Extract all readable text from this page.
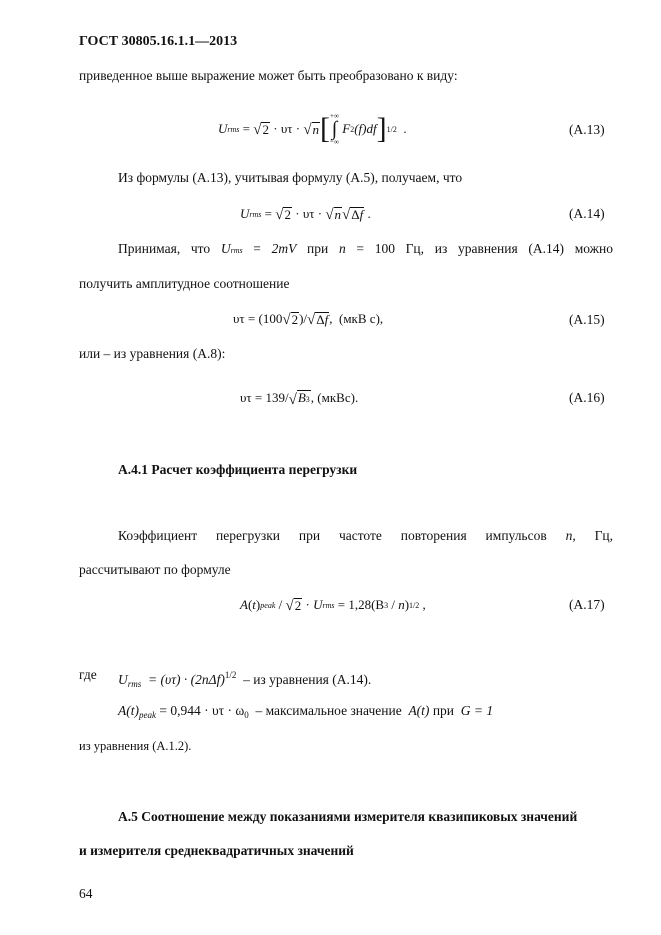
ГОСТ 30805.16.1.1—2013
приведенное выше выражение может быть преобразовано к виду:
U rms = √ 2 · υτ · √ n [ +∞
∫
−∞
F 2 (f)df ] 1/2 .	(А.13)
Из формулы (А.13), учитывая формулу (А.5), получаем, что
U rms = √ 2 · υτ · √ n √ Δf .	(А.14)
Принимая, что Urms = 2mV при n = 100 Гц, из уравнения (А.14) можно
получить амплитудное соотношение
υτ = (100 √ 2 )/ √ Δf , (мкВ с),	(А.15)
или – из уравнения (А.8):
υτ = 139/ √ B3 , (мкВс).	(А.16)
А.4.1 Расчет коэффициента перегрузки
Коэффициент перегрузки при частоте повторения импульсов n, Гц,
рассчитывают по формуле
A ( t ) peak / √ 2 · U rms
= 1,28(B 3 / n ) 1/2 ,	(А.17)
где $U_{rms} = (\upsilon\tau) \cdot (2n\Delta f)^{1/2}$ – из уравнения (А.14).
$A(t)_{peak} = 0,944 \cdot \upsilon\tau \cdot \omega_0$ – максимальное значение  A(t) при G = 1
из уравнения (А.1.2).
А.5 Соотношение между показаниями измерителя квазипиковых значений
и измерителя среднеквадратичных значений
64
